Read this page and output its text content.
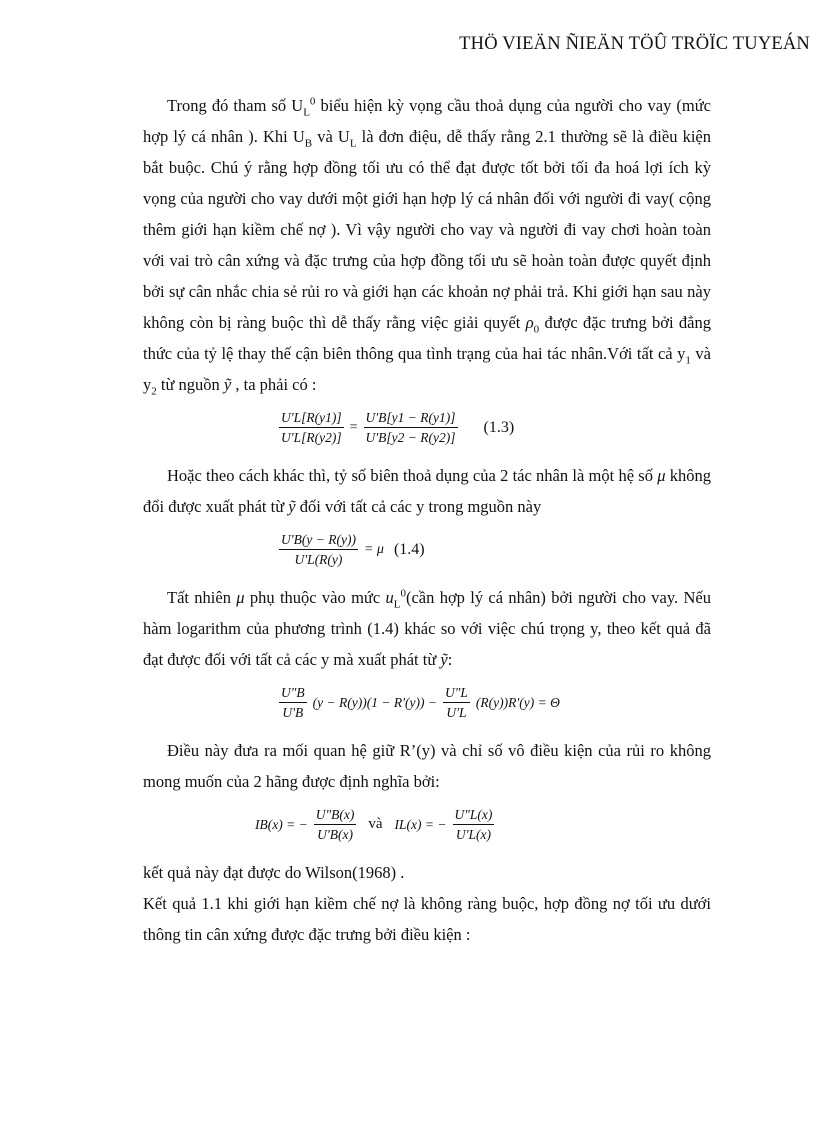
THÖ VIEÄN ÑIEÄN TÖÛ TRÖÏC TUYEÁN

Trong đó tham số $U_L^0$ biểu hiện kỳ vọng cầu thoả dụng của người cho vay (mức hợp lý cá nhân ). Khi $U_B$ và $U_L$ là đơn điệu, dễ thấy rằng 2.1 thường sẽ là điều kiện bắt buộc. Chú ý rằng hợp đồng tối ưu có thể đạt được tốt bởi tối đa hoá lợi ích kỳ vọng của người cho vay dưới một giới hạn hợp lý cá nhân đối với người đi vay( cộng thêm giới hạn kiềm chế nợ ). Vì vậy người cho vay và người đi vay chơi hoàn toàn với vai trò cân xứng và đặc trưng của hợp đồng tối ưu sẽ hoàn toàn được quyết định bởi sự cân nhắc chia sẻ rủi ro và giới hạn các khoản nợ phải trả. Khi giới hạn sau này không còn bị ràng buộc thì dễ thấy rằng việc giải quyết $\rho_0$ được đặc trưng bởi đẳng thức của tỷ lệ thay thế cận biên thông qua tình trạng của hai tác nhân.Với tất cả $y_1$ và $y_2$ từ nguồn ỹ , ta phải có :

$\frac{U'L[R(y1)]}{U'L[R(y2)]} = \frac{U'B[y1 - R(y1)]}{U'B[y2 - R(y2)]} (1.3)$

Hoặc theo cách khác thì, tỷ số biên thoả dụng của 2 tác nhân là một hệ số μ không đổi được xuất phát từ ỹ đối với tất cả các y trong mguồn này

$\frac{U'B(y - R(y))}{U'L(R(y)} = \mu$ (1.4)

Tất nhiên μ phụ thuộc vào mức $u_L^0(cần$ hợp lý cá nhân) bởi người cho vay. Nếu hàm logarithm của phương trình (1.4) khác so với việc chú trọng y, theo kết quả đã đạt được đối với tất cả các y mà xuất phát từ ỹ:

$\frac{U"B}{U'B} (y - R(y))(1 - R'(y)) - \frac{U"L}{U'L} (R(y))R'(y) = \Theta$

Điều này đưa ra mối quan hệ giữ R’(y) và chỉ số vô điều kiện của rủi ro không mong muốn của 2 hãng được định nghĩa bởi:

IB(x) = − $\frac{U"B(x)}{U'B(x)}$ và IL(x) = − $\frac{U"L(x)}{U'L(x)}$

kết quả này đạt được do Wilson(1968) .

Kết quả 1.1 khi giới hạn kiềm chế nợ là không ràng buộc, hợp đồng nợ tối ưu dưới thông tin cân xứng được đặc trưng bởi điều kiện :
